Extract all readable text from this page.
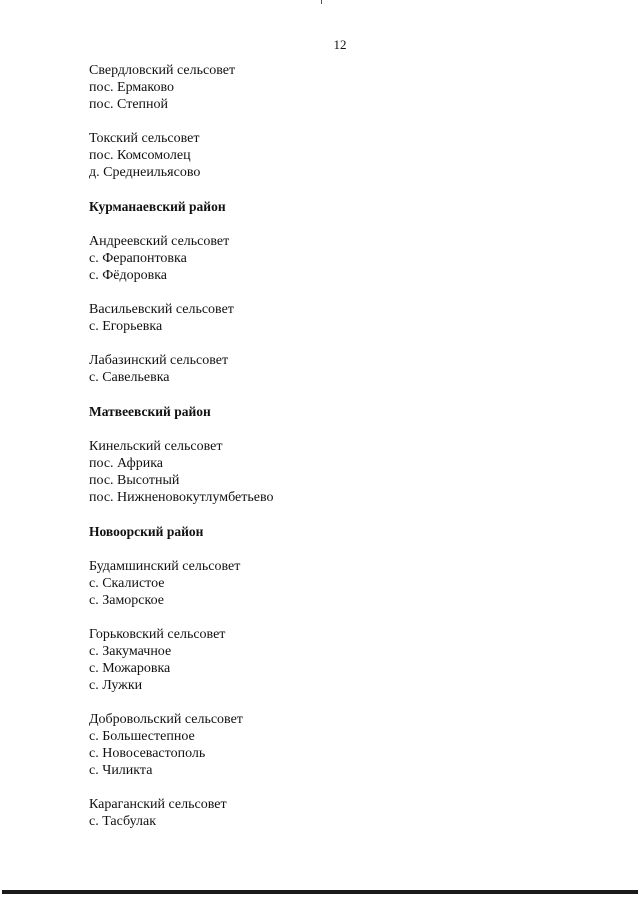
12
Свердловский сельсовет
пос. Ермаково
пос. Степной
Токский сельсовет
пос. Комсомолец
д. Среднеильясово
Курманаевский район
Андреевский сельсовет
с. Ферапонтовка
с. Фёдоровка
Васильевский сельсовет
с. Егорьевка
Лабазинский сельсовет
с. Савельевка
Матвеевский район
Кинельский сельсовет
пос. Африка
пос. Высотный
пос. Нижненовокутлумбетьево
Новоорский район
Будамшинский сельсовет
с. Скалистое
с. Заморское
Горьковский сельсовет
с. Закумачное
с. Можаровка
с. Лужки
Добровольский сельсовет
с. Большестепное
с. Новосевастополь
с. Чиликта
Караганский сельсовет
с. Тасбулак
